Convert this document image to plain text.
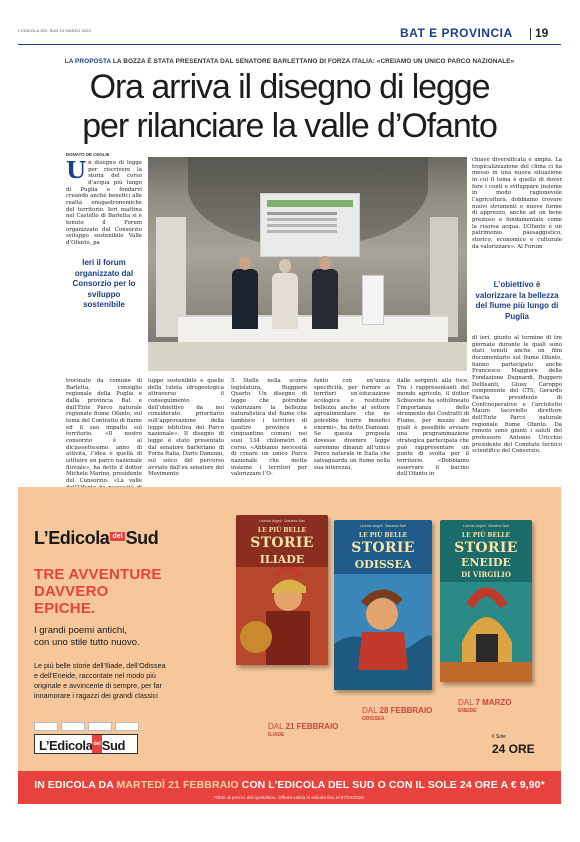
L'EDICOLA DEL SUD 19 MARZO 2023	BAT E PROVINCIA 19
LA PROPOSTA LA BOZZA È STATA PRESENTATA DAL SENATORE BARLETTANO DI FORZA ITALIA: «CREIAMO UN UNICO PARCO NAZIONALE»
Ora arriva il disegno di legge
per rilanciare la valle d’Ofanto
DONATO DE CEGLIE

Un disegno di legge per riscrivere la storia del corso d’acqua più lungo di Puglia e fondarvi creando anche benefici alle realtà enogastronomiche del territorio. Ieri mattina nel Castello di Barletta si è tenuto il Forum organizzato dal Consorzio sviluppo sostenibile Valle d’Ofanto, pa

Ieri il forum organizzato dal Consorzio per lo sviluppo sostenibile
chiave diversificata e ampia. La tropicalizzazione del clima ci ha messo in una nuova situazione in cui il tema è quello di dover fare i conti e sviluppare insieme in modo ragionevole l’agricoltura, dobbiamo trovare nuovi strumenti e nuove forme di apprezzo, anche ad un bene prezioso e fondamentale come la risorsa acqua. L’Ofanto è un patrimonio paesaggistico, storico, economico e culturale da valorizzare». Al Forum
L’obiettivo è valorizzare la bellezza del fiume più lungo di Puglia
trocinato da comune di Barletta, consiglio regionale della Puglia e dalla provincia Bat e dall’Ente Parco naturale regionale fiume Ofanto, sul tema del Contratto di fiume ed il suo impatto sul territorio. «Il nostro consorzio è al diciassettesimo anno di attività, l’idea è quella di istituire un parco nazionale fluviale», ha detto il dottor Michele Marino, presidente del Consorzio. «La valle
luppo sostenibile e quelle della tutela idrogeologica attraverso il conseguimento dell’obiettivo da noi considerato prioritario sull’approvazione della legge istitutiva del Parco nazionale». Il disegno di legge è stato presentato dal senatore barlettano di Forza Italia, Dario Damiani, sul solco del percorso avviato dall’ex senatore del Movimento
5 Stelle nella scorsa legislatura, Ruggiero Quarto. Un disegno di legge che potrebbe valorizzare la bellezza naturalistica del fiume che lambisce i territori di quattro province e cinquantino comuni nei suoi 134 chilometri di corso. «Abbiamo necessità di creare un unico Parco nazionale che metta insieme i territori per valorizzare l’O-
fanto con un’unica specificità, per fornire ai territori un’educazione ecologica e restituire bellezza anche al settore agroalimentare che ne potrebbe trarre benefici enormi», ha detto Damiani. Se questa proposta dovesse divenire legge saremmo dinanzi all’unico Parco naturale in Italia che salvaguarda un fiume nella sua interezza,
dalle sorgenti alla foce. Tra i rappresentanti del mondo agricolo, il dottor Schiavone ha sottolineato l’importanza dello strumento dei Contratti di Fiume, per mezzo dei quali è possibile avviare una programmazione strategica partecipata che può rappresentare un punto di svolta per il territorio. «Dobbiamo osservare il bacino dell’Ofanto in
di ieri, giunto al termine di tre giornate durante le quali sono stati tenuti anche un film documentario sul fiume Ofanto, hanno partecipato anche Francesco Maggiore della Fondazione Dagnardi, Ruggero Dellisanti, Giusy Caroppo componente del CTS, Gerardo Fascia presidente di Confcooperative e l’architetto Mauro Iacoviello direttore dell’Ente Parco naturale regionale fiume Ofanto. Da remoto sono giunti i saluti del professore Antonio Uricchio presidente del Comitato tecnico scientifico del Consorzio.
L’Edicola del Sud
TRE AVVENTURE
DAVVERO
EPICHE.
I grandi poemi antichi,
con uno stile tutto nuovo.
Le più belle storie dell’Iliade, dell’Odissea
e dell’Eneide, raccontate nel modo più
originale e avvincente di sempre, per far
innamorare i ragazzi dei grandi classici
L’EdicoladelSud
Lorenzo Angeli · Massimo Nari
LE PIÙ BELLE
STORIE
ILIADE
Lorenzo Angeli · Massimo Nari
LE PIÙ BELLE
STORIE
ODISSEA
Lorenzo Angeli · Massimo Nari
LE PIÙ BELLE
STORIE
ENEIDE
DI VIRGILIO
DAL 21 FEBBRAIO
ILIADE
DAL 28 FEBBRAIO
ODISSEA
DAL 7 MARZO
ENEIDE
Il Sole
24 ORE
IN EDICOLA DA MARTEDÌ 21 FEBBRAIO CON L'EDICOLA DEL SUD O CON IL SOLE 24 ORE A € 9,90*
*Oltre al prezzo del quotidiano. Offerta valida in edicola fino al 07/04/2023.
